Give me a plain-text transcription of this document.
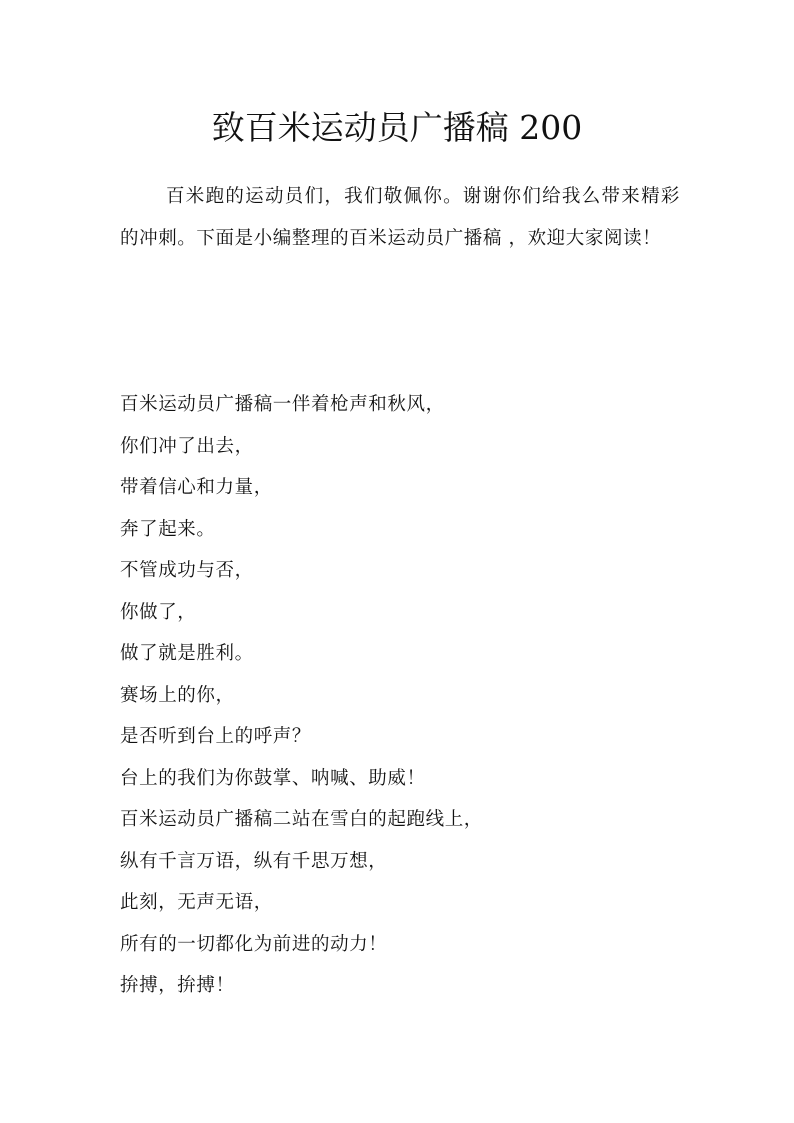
致百米运动员广播稿 200

百米跑的运动员们，我们敬佩你。谢谢你们给我么带来精彩的冲刺。下面是小编整理的百米运动员广播稿 ，欢迎大家阅读！

百米运动员广播稿一伴着枪声和秋风，
你们冲了出去，
带着信心和力量，
奔了起来。
不管成功与否，
你做了，
做了就是胜利。
赛场上的你，
是否听到台上的呼声？
台上的我们为你鼓掌、呐喊、助威！
百米运动员广播稿二站在雪白的起跑线上，
纵有千言万语，纵有千思万想，
此刻，无声无语，
所有的一切都化为前进的动力！
拚搏，拚搏！
